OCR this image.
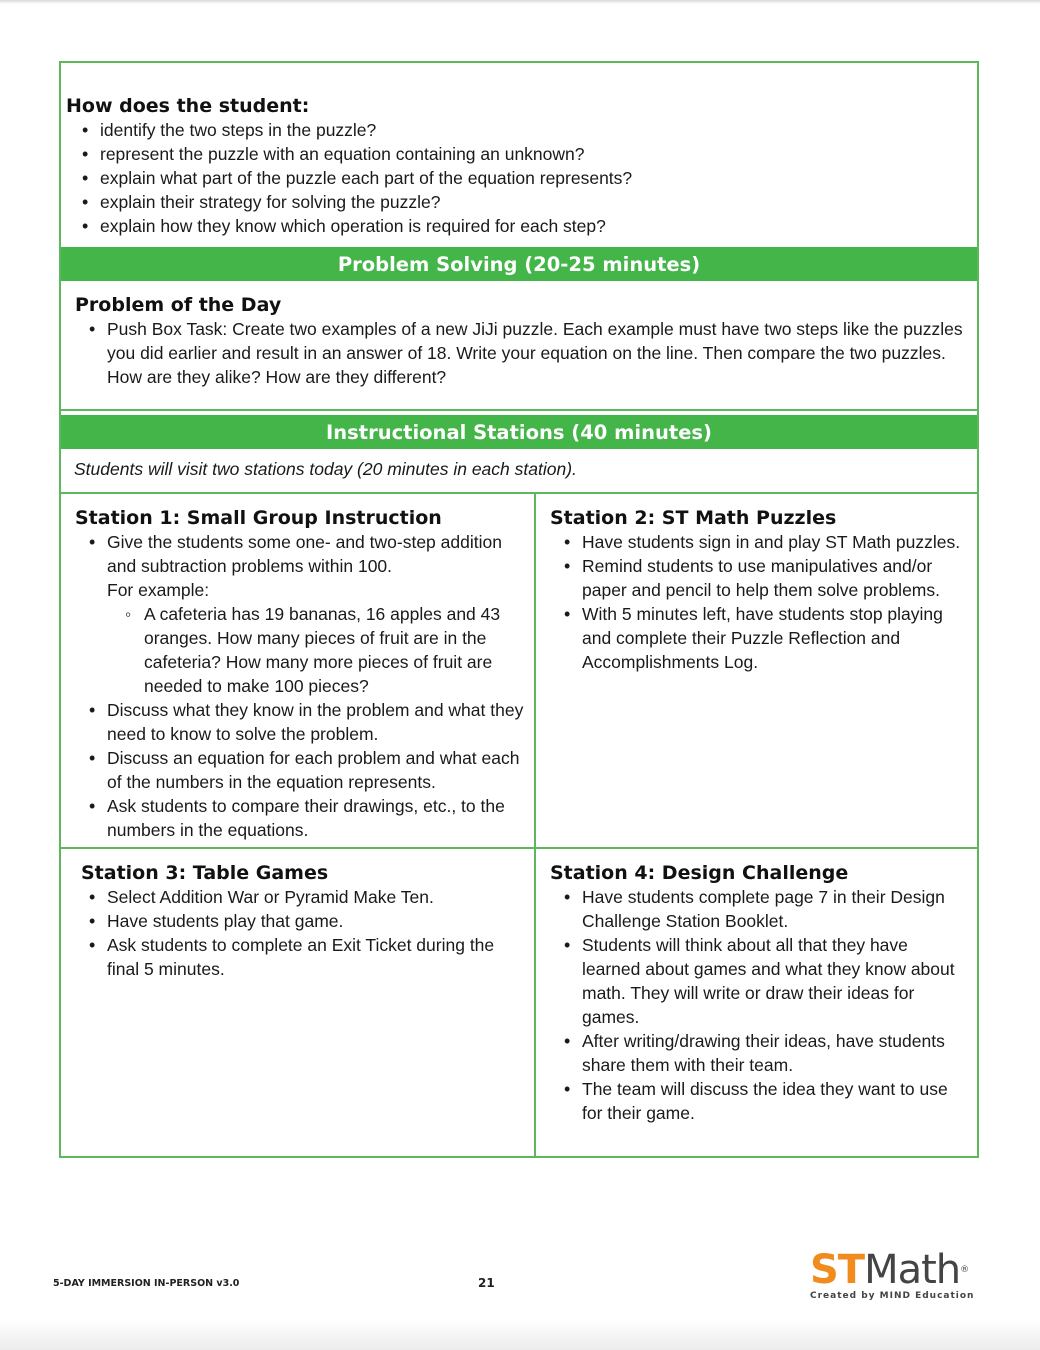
How does the student:
• identify the two steps in the puzzle?
• represent the puzzle with an equation containing an unknown?
• explain what part of the puzzle each part of the equation represents?
• explain their strategy for solving the puzzle?
• explain how they know which operation is required for each step?
Problem Solving (20-25 minutes)
Problem of the Day
• Push Box Task: Create two examples of a new JiJi puzzle. Each example must have two steps like the puzzles you did earlier and result in an answer of 18. Write your equation on the line. Then compare the two puzzles. How are they alike? How are they different?
Instructional Stations (40 minutes)
Students will visit two stations today (20 minutes in each station).
Station 1: Small Group Instruction
• Give the students some one- and two-step addition and subtraction problems within 100.
For example:
◦ A cafeteria has 19 bananas, 16 apples and 43 oranges. How many pieces of fruit are in the cafeteria? How many more pieces of fruit are needed to make 100 pieces?
• Discuss what they know in the problem and what they need to know to solve the problem.
• Discuss an equation for each problem and what each of the numbers in the equation represents.
• Ask students to compare their drawings, etc., to the numbers in the equations.
Station 2: ST Math Puzzles
• Have students sign in and play ST Math puzzles.
• Remind students to use manipulatives and/or paper and pencil to help them solve problems.
• With 5 minutes left, have students stop playing and complete their Puzzle Reflection and Accomplishments Log.
Station 3: Table Games
• Select Addition War or Pyramid Make Ten.
• Have students play that game.
• Ask students to complete an Exit Ticket during the final 5 minutes.
Station 4: Design Challenge
• Have students complete page 7 in their Design Challenge Station Booklet.
• Students will think about all that they have learned about games and what they know about math. They will write or draw their ideas for games.
• After writing/drawing their ideas, have students share them with their team.
• The team will discuss the idea they want to use for their game.
5-DAY IMMERSION IN-PERSON v3.0	21	STMath®
Created by MIND Education
